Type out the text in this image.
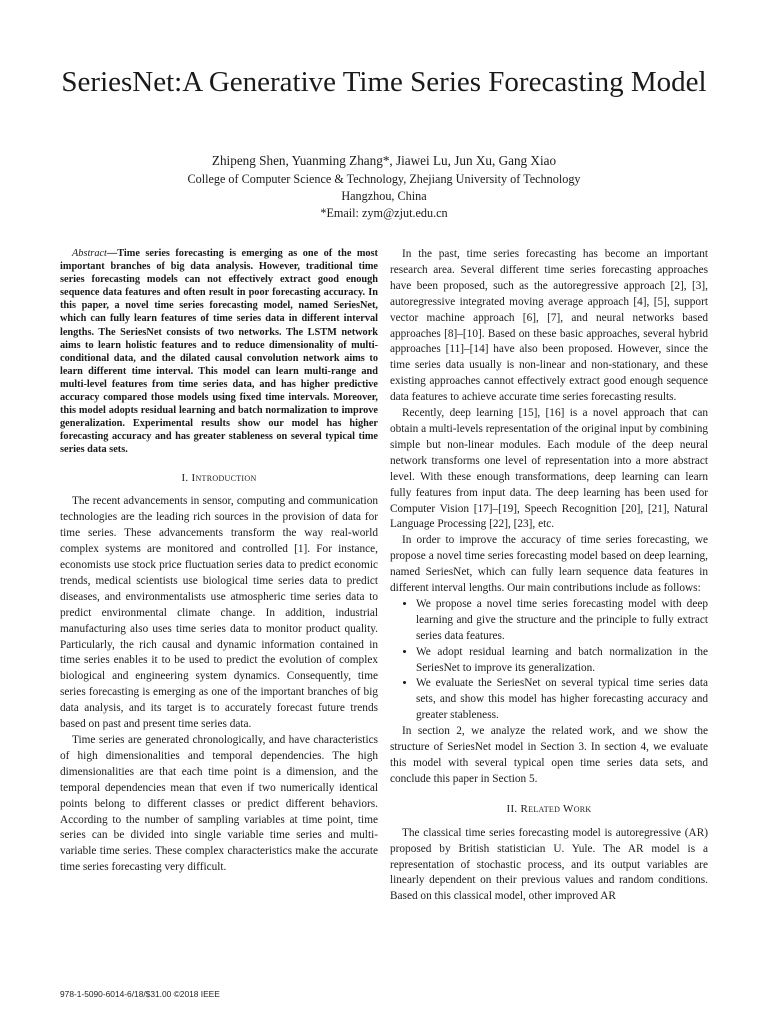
SeriesNet:A Generative Time Series Forecasting Model
Zhipeng Shen, Yuanming Zhang*, Jiawei Lu, Jun Xu, Gang Xiao
College of Computer Science & Technology, Zhejiang University of Technology
Hangzhou, China
*Email: zym@zjut.edu.cn

Abstract—Time series forecasting is emerging as one of the most important branches of big data analysis. However, traditional time series forecasting models can not effectively extract good enough sequence data features and often result in poor forecasting accuracy. In this paper, a novel time series forecasting model, named SeriesNet, which can fully learn features of time series data in different interval lengths. The SeriesNet consists of two networks. The LSTM network aims to learn holistic features and to reduce dimensionality of multi-conditional data, and the dilated causal convolution network aims to learn different time interval. This model can learn multi-range and multi-level features from time series data, and has higher predictive accuracy compared those models using fixed time intervals. Moreover, this model adopts residual learning and batch normalization to improve generalization. Experimental results show our model has higher forecasting accuracy and has greater stableness on several typical time series data sets.

I. Introduction

The recent advancements in sensor, computing and communication technologies are the leading rich sources in the provision of data for time series. These advancements transform the way real-world complex systems are monitored and controlled [1]. For instance, economists use stock price fluctuation series data to predict economic trends, medical scientists use biological time series data to predict diseases, and environmentalists use atmospheric time series data to predict environmental climate change. In addition, industrial manufacturing also uses time series data to monitor product quality. Particularly, the rich causal and dynamic information contained in time series enables it to be used to predict the evolution of complex biological and engineering system dynamics. Consequently, time series forecasting is emerging as one of the important branches of big data analysis, and its target is to accurately forecast future trends based on past and present time series data.

Time series are generated chronologically, and have characteristics of high dimensionalities and temporal dependencies. The high dimensionalities are that each time point is a dimension, and the temporal dependencies mean that even if two numerically identical points belong to different classes or predict different behaviors. According to the number of sampling variables at time point, time series can be divided into single variable time series and multi-variable time series. These complex characteristics make the accurate time series forecasting very difficult.

In the past, time series forecasting has become an important research area. Several different time series forecasting approaches have been proposed, such as the autoregressive approach [2], [3], autoregressive integrated moving average approach [4], [5], support vector machine approach [6], [7], and neural networks based approaches [8]–[10]. Based on these basic approaches, several hybrid approaches [11]–[14] have also been proposed. However, since the time series data usually is non-linear and non-stationary, and these existing approaches cannot effectively extract good enough sequence data features to achieve accurate time series forecasting results.

Recently, deep learning [15], [16] is a novel approach that can obtain a multi-levels representation of the original input by combining simple but non-linear modules. Each module of the deep neural network transforms one level of representation into a more abstract level. With these enough transformations, deep learning can learn fully features from input data. The deep learning has been used for Computer Vision [17]–[19], Speech Recognition [20], [21], Natural Language Processing [22], [23], etc.

In order to improve the accuracy of time series forecasting, we propose a novel time series forecasting model based on deep learning, named SeriesNet, which can fully learn sequence data features in different interval lengths. Our main contributions include as follows:

• We propose a novel time series forecasting model with deep learning and give the structure and the principle to fully extract series data features.
• We adopt residual learning and batch normalization in the SeriesNet to improve its generalization.
• We evaluate the SeriesNet on several typical time series data sets, and show this model has higher forecasting accuracy and greater stableness.

In section 2, we analyze the related work, and we show the structure of SeriesNet model in Section 3. In section 4, we evaluate this model with several typical open time series data sets, and conclude this paper in Section 5.

II. Related Work

The classical time series forecasting model is autoregressive (AR) proposed by British statistician U. Yule. The AR model is a representation of stochastic process, and its output variables are linearly dependent on their previous values and random conditions. Based on this classical model, other improved AR

978-1-5090-6014-6/18/$31.00 ©2018 IEEE
